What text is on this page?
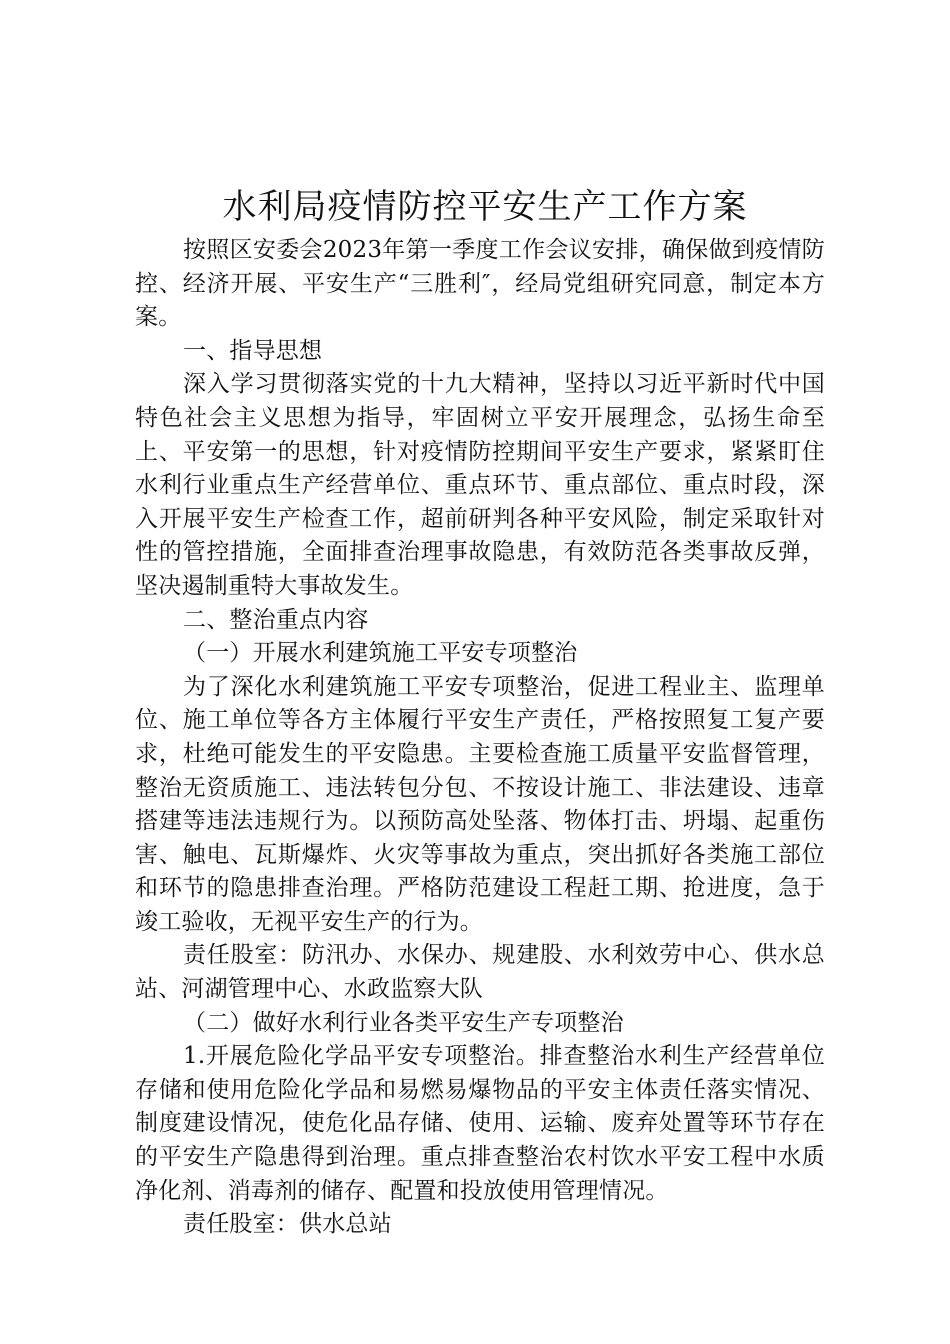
水利局疫情防控平安生产工作方案

按照区安委会2023年第一季度工作会议安排，确保做到疫情防控、经济开展、平安生产“三胜利″，经局党组研究同意，制定本方案。

一、指导思想

深入学习贯彻落实党的十九大精神，坚持以习近平新时代中国特色社会主义思想为指导，牢固树立平安开展理念，弘扬生命至上、平安第一的思想，针对疫情防控期间平安生产要求，紧紧盯住水利行业重点生产经营单位、重点环节、重点部位、重点时段，深入开展平安生产检查工作，超前研判各种平安风险，制定采取针对性的管控措施，全面排查治理事故隐患，有效防范各类事故反弹，坚决遏制重特大事故发生。

二、整治重点内容

（一）开展水利建筑施工平安专项整治

为了深化水利建筑施工平安专项整治，促进工程业主、监理单位、施工单位等各方主体履行平安生产责任，严格按照复工复产要求，杜绝可能发生的平安隐患。主要检查施工质量平安监督管理，整治无资质施工、违法转包分包、不按设计施工、非法建设、违章搭建等违法违规行为。以预防高处坠落、物体打击、坍塌、起重伤害、触电、瓦斯爆炸、火灾等事故为重点，突出抓好各类施工部位和环节的隐患排查治理。严格防范建设工程赶工期、抢进度，急于竣工验收，无视平安生产的行为。

责任股室：防汛办、水保办、规建股、水利效劳中心、供水总站、河湖管理中心、水政监察大队

（二）做好水利行业各类平安生产专项整治

1.开展危险化学品平安专项整治。排查整治水利生产经营单位存储和使用危险化学品和易燃易爆物品的平安主体责任落实情况、制度建设情况，使危化品存储、使用、运输、废弃处置等环节存在的平安生产隐患得到治理。重点排查整治农村饮水平安工程中水质净化剂、消毒剂的储存、配置和投放使用管理情况。

责任股室：供水总站
